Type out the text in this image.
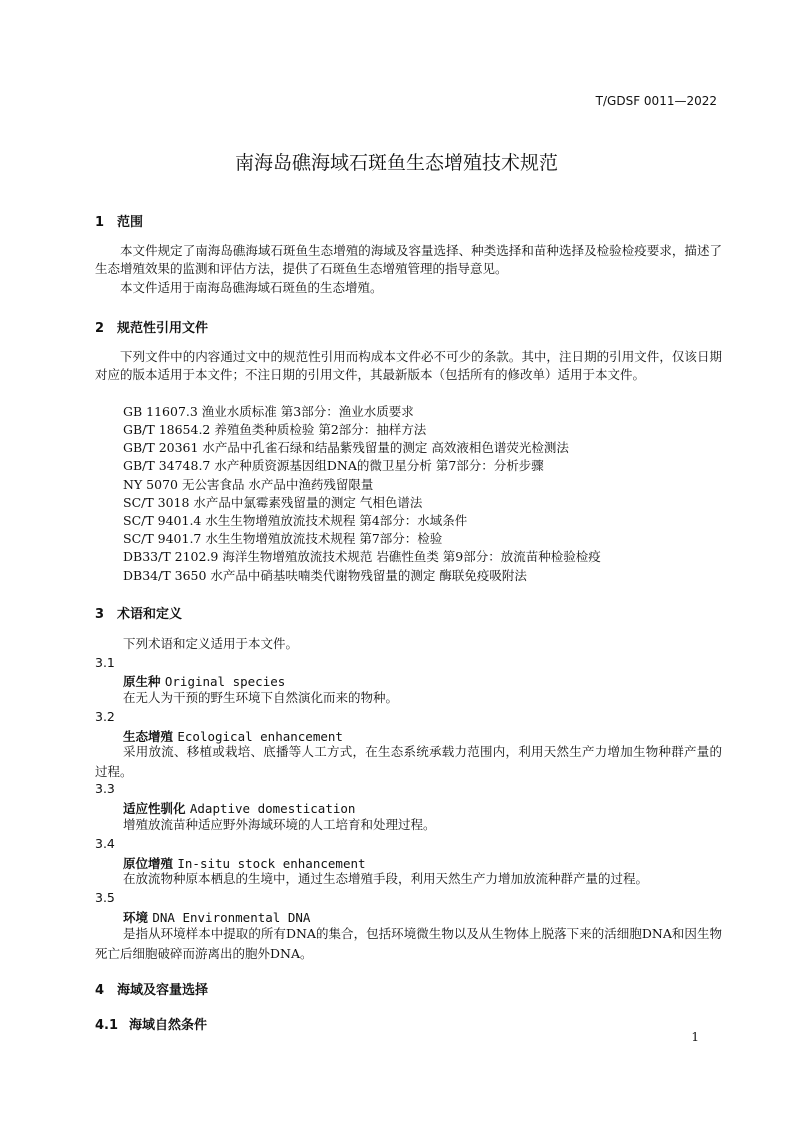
T/GDSF 0011—2022
南海岛礁海域石斑鱼生态增殖技术规范
1 范围
本文件规定了南海岛礁海域石斑鱼生态增殖的海域及容量选择、种类选择和苗种选择及检验检疫要求，描述了生态增殖效果的监测和评估方法，提供了石斑鱼生态增殖管理的指导意见。
本文件适用于南海岛礁海域石斑鱼的生态增殖。
2 规范性引用文件
下列文件中的内容通过文中的规范性引用而构成本文件必不可少的条款。其中，注日期的引用文件，仅该日期对应的版本适用于本文件；不注日期的引用文件，其最新版本（包括所有的修改单）适用于本文件。
GB 11607.3 渔业水质标准 第3部分：渔业水质要求
GB/T 18654.2 养殖鱼类种质检验 第2部分：抽样方法
GB/T 20361 水产品中孔雀石绿和结晶紫残留量的测定 高效液相色谱荧光检测法
GB/T 34748.7 水产种质资源基因组DNA的微卫星分析 第7部分：分析步骤
NY 5070 无公害食品 水产品中渔药残留限量
SC/T 3018 水产品中氯霉素残留量的测定 气相色谱法
SC/T 9401.4 水生生物增殖放流技术规程 第4部分：水域条件
SC/T 9401.7 水生生物增殖放流技术规程 第7部分：检验
DB33/T 2102.9 海洋生物增殖放流技术规范 岩礁性鱼类 第9部分：放流苗种检验检疫
DB34/T 3650 水产品中硝基呋喃类代谢物残留量的测定 酶联免疫吸附法
3 术语和定义
下列术语和定义适用于本文件。
3.1
原生种 Original species
在无人为干预的野生环境下自然演化而来的物种。
3.2
生态增殖 Ecological enhancement
采用放流、移植或栽培、底播等人工方式，在生态系统承载力范围内，利用天然生产力增加生物种群产量的过程。
3.3
适应性驯化 Adaptive domestication
增殖放流苗种适应野外海域环境的人工培育和处理过程。
3.4
原位增殖 In-situ stock enhancement
在放流物种原本栖息的生境中，通过生态增殖手段，利用天然生产力增加放流种群产量的过程。
3.5
环境 DNA Environmental DNA
是指从环境样本中提取的所有DNA的集合，包括环境微生物以及从生物体上脱落下来的活细胞DNA和因生物死亡后细胞破碎而游离出的胞外DNA。
4 海域及容量选择
4.1 海域自然条件
1
